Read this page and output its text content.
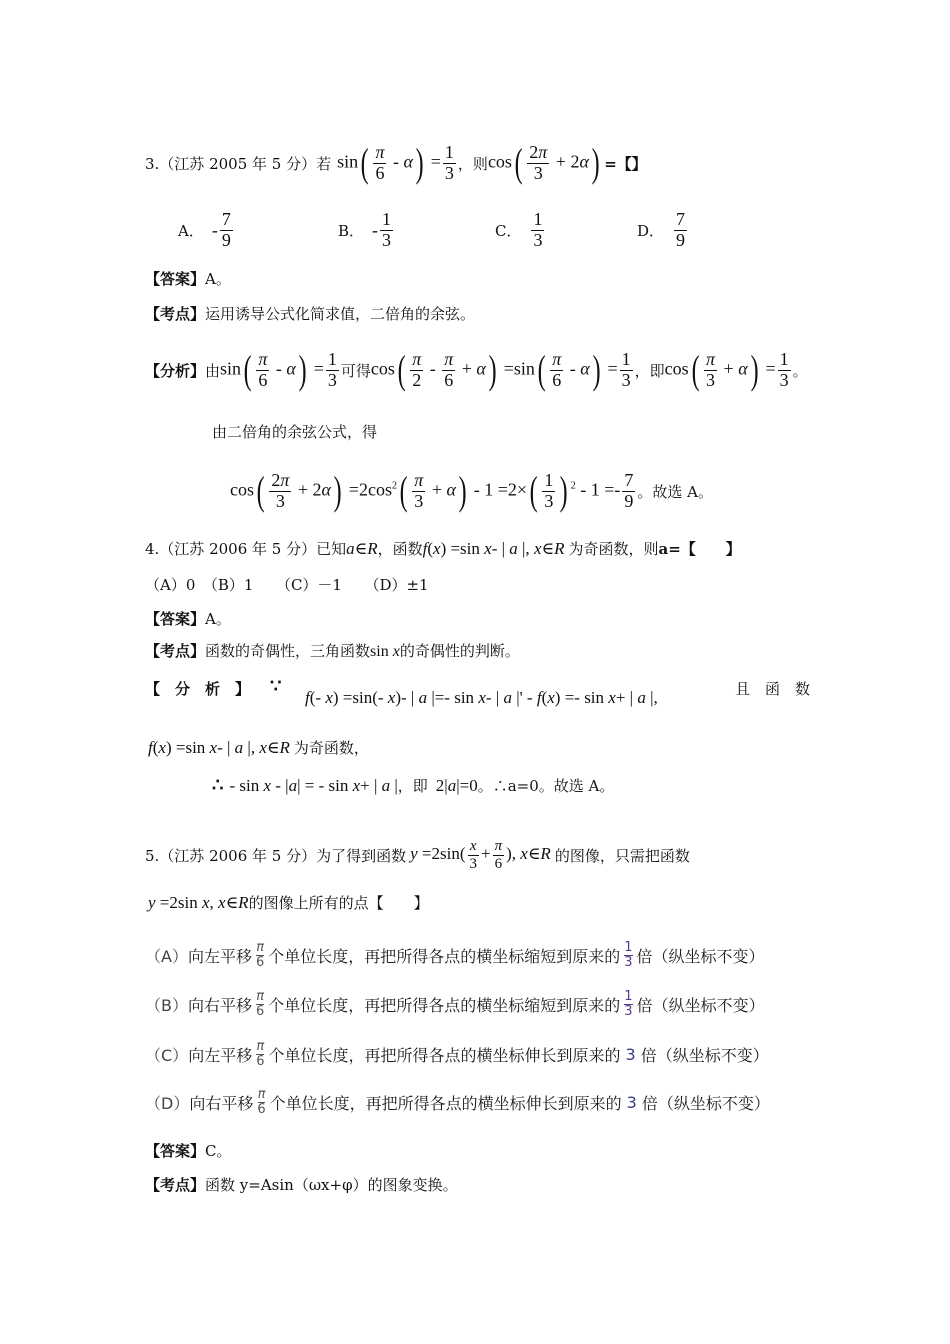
3.（江苏 2005 年 5 分）若 $\sin( \frac{\pi}{6} - \alpha) = \frac{1}{3}$ ，则 $\cos( \frac{2\pi}{3} + 2\alpha)$ =【】
A． - $\frac{7}{9}$	B． - $\frac{1}{3}$	C． $\frac{1}{3}$	D． $\frac{7}{9}$
【答案】A。
【考点】运用诱导公式化简求值，二倍角的余弦。
【分析】 由 $\sin( \frac{\pi}{6} - \alpha) = \frac{1}{3}$ 可得 $\cos( \frac{\pi}{2} - \frac{\pi}{6} + \alpha) =\sin( \frac{\pi}{6} - \alpha) = \frac{1}{3}$ ，即 $\cos( \frac{\pi}{3} + \alpha) = \frac{1}{3}$ 。
由二倍角的余弦公式，得
$\cos( \frac{2\pi}{3} + 2\alpha) =2\cos^2( \frac{\pi}{3} + \alpha) - 1 =2\times( \frac{1}{3}$ ) $^2 - 1 =- \frac{7}{9}$ 。故选 A。
4.（江苏 2006 年 5 分）已知 a∈R ，函数 f(x) =sin x- | a |, x∈R 为奇函数，则 a=【　　】
（A）0　（B）1　　（C）－1　　（D）±1
【答案】A。
【考点】函数的奇偶性，三角函数sin x的奇偶性的判断。
【　分　析　】 ∵
f(- x) =sin(- x)- | a |=- sin x- | a |' - f(x) =- sin x+ | a |,	且　函　数
f(x) =sin x- | a |, x∈R 为奇函数，
∴ - sin x - |a| = - sin x+ | a | ，即 2|a|=0 。∴a=0。故选 A。
5.（江苏 2006 年 5 分）为了得到函数 $y =2\sin( \frac{x}{3} + \frac{\pi}{6}$ ), x∈R 的图像，只需把函数
y =2sin x, x∈R 的图像上所有的点【　　】
（A） 向左平移 π
6 个单位长度，再把所得各点的横坐标缩短到原来的 1
3 倍（纵坐标不变）
（B） 向右平移 π
6 个单位长度，再把所得各点的横坐标缩短到原来的 1
3 倍（纵坐标不变）
（C） 向左平移 π
6 个单位长度，再把所得各点的横坐标伸长到原来的 3 倍（纵坐标不变）
（D） 向右平移 π
6 个单位长度，再把所得各点的横坐标伸长到原来的 3 倍（纵坐标不变）
【答案】C。
【考点】函数 y=Asin（ωx+φ）的图象变换。
